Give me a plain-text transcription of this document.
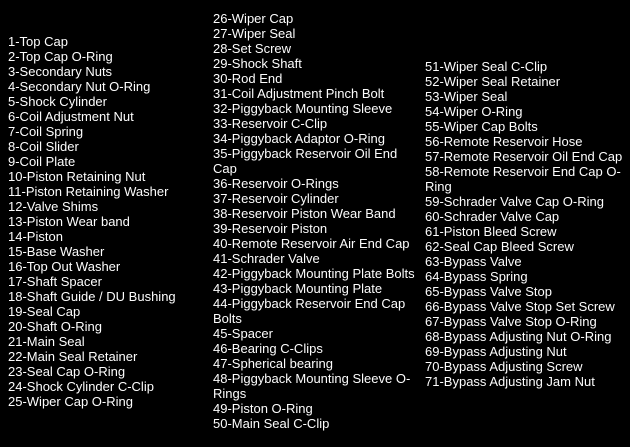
1-Top Cap
2-Top Cap O-Ring
3-Secondary Nuts
4-Secondary Nut O-Ring
5-Shock Cylinder
6-Coil Adjustment Nut
7-Coil Spring
8-Coil Slider
9-Coil Plate
10-Piston Retaining Nut
11-Piston Retaining Washer
12-Valve Shims
13-Piston Wear band
14-Piston
15-Base Washer
16-Top Out Washer
17-Shaft Spacer
18-Shaft Guide / DU Bushing
19-Seal Cap
20-Shaft O-Ring
21-Main Seal
22-Main Seal Retainer
23-Seal Cap O-Ring
24-Shock Cylinder C-Clip
25-Wiper Cap O-Ring
26-Wiper Cap
27-Wiper Seal
28-Set Screw
29-Shock Shaft
30-Rod End
31-Coil Adjustment Pinch Bolt
32-Piggyback Mounting Sleeve
33-Reservoir C-Clip
34-Piggyback Adaptor O-Ring
35-Piggyback Reservoir Oil End Cap
36-Reservoir O-Rings
37-Reservoir Cylinder
38-Reservoir Piston Wear Band
39-Reservoir Piston
40-Remote Reservoir Air End Cap
41-Schrader Valve
42-Piggyback Mounting Plate Bolts
43-Piggyback Mounting Plate
44-Piggyback Reservoir End Cap Bolts
45-Spacer
46-Bearing C-Clips
47-Spherical bearing
48-Piggyback Mounting Sleeve O-Rings
49-Piston O-Ring
50-Main Seal C-Clip
51-Wiper Seal C-Clip
52-Wiper Seal Retainer
53-Wiper Seal
54-Wiper O-Ring
55-Wiper Cap Bolts
56-Remote Reservoir Hose
57-Remote Reservoir Oil End Cap
58-Remote Reservoir End Cap O-Ring
59-Schrader Valve Cap O-Ring
60-Schrader Valve Cap
61-Piston Bleed Screw
62-Seal Cap Bleed Screw
63-Bypass Valve
64-Bypass Spring
65-Bypass Valve Stop
66-Bypass Valve Stop Set Screw
67-Bypass Valve Stop O-Ring
68-Bypass Adjusting Nut O-Ring
69-Bypass Adjusting Nut
70-Bypass Adjusting Screw
71-Bypass Adjusting Jam Nut
